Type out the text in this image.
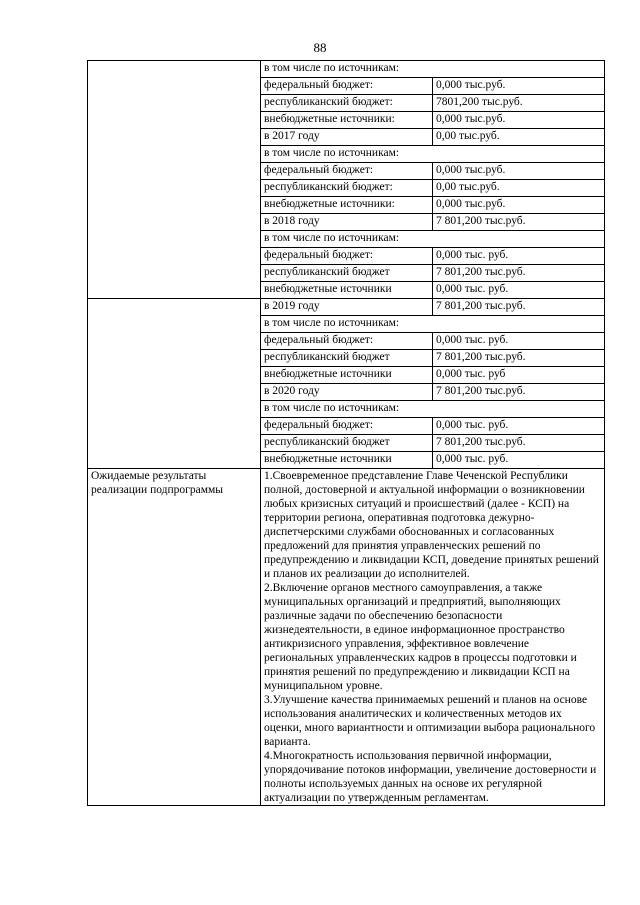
88
	в том числе по источникам:	
	федеральный бюджет:	0,000 тыс.руб.
	республиканский бюджет:	7801,200 тыс.руб.
	внебюджетные источники:	0,000 тыс.руб.
	в 2017 году	0,00 тыс.руб.
	в том числе по источникам:	
	федеральный бюджет:	0,000 тыс.руб.
	республиканский бюджет:	0,00 тыс.руб.
	внебюджетные источники:	0,000 тыс.руб.
	в 2018 году	7 801,200 тыс.руб.
	в том числе по источникам:	
	федеральный бюджет:	0,000 тыс. руб.
	республиканский бюджет	7 801,200 тыс.руб.
	внебюджетные источники	0,000 тыс. руб.
	в 2019 году	7 801,200 тыс.руб.
	в том числе по источникам:	
	федеральный бюджет:	0,000 тыс. руб.
	республиканский бюджет	7 801,200 тыс.руб.
	внебюджетные источники	0,000 тыс. руб
	в 2020 году	7 801,200 тыс.руб.
	в том числе по источникам:	
	федеральный бюджет:	0,000 тыс. руб.
	республиканский бюджет	7 801,200 тыс.руб.
	внебюджетные источники	0,000 тыс. руб.
Ожидаемые результаты реализации подпрограммы	1.Своевременное представление Главе Чеченской Республики полной, достоверной и актуальной информации о возникновении любых кризисных ситуаций и происшествий (далее - КСП) на территории региона, оперативная подготовка дежурно-диспетчерскими службами обоснованных и согласованных предложений для принятия управленческих решений по предупреждению и ликвидации КСП, доведение принятых решений и планов их реализации до исполнителей.

2.Включение органов местного самоуправления, а также муниципальных организаций и предприятий, выполняющих различные задачи по обеспечению безопасности жизнедеятельности, в единое информационное пространство антикризисного управления, эффективное вовлечение региональных управленческих кадров в процессы подготовки и принятия решений по предупреждению и ликвидации КСП на муниципальном уровне.

3.Улучшение качества принимаемых решений и планов на основе использования аналитических и количественных методов их оценки, много вариантности и оптимизации выбора рационального варианта.

4.Многократность использования первичной информации, упорядочивание потоков информации, увеличение достоверности и полноты используемых данных на основе их регулярной актуализации по утвержденным регламентам.	
